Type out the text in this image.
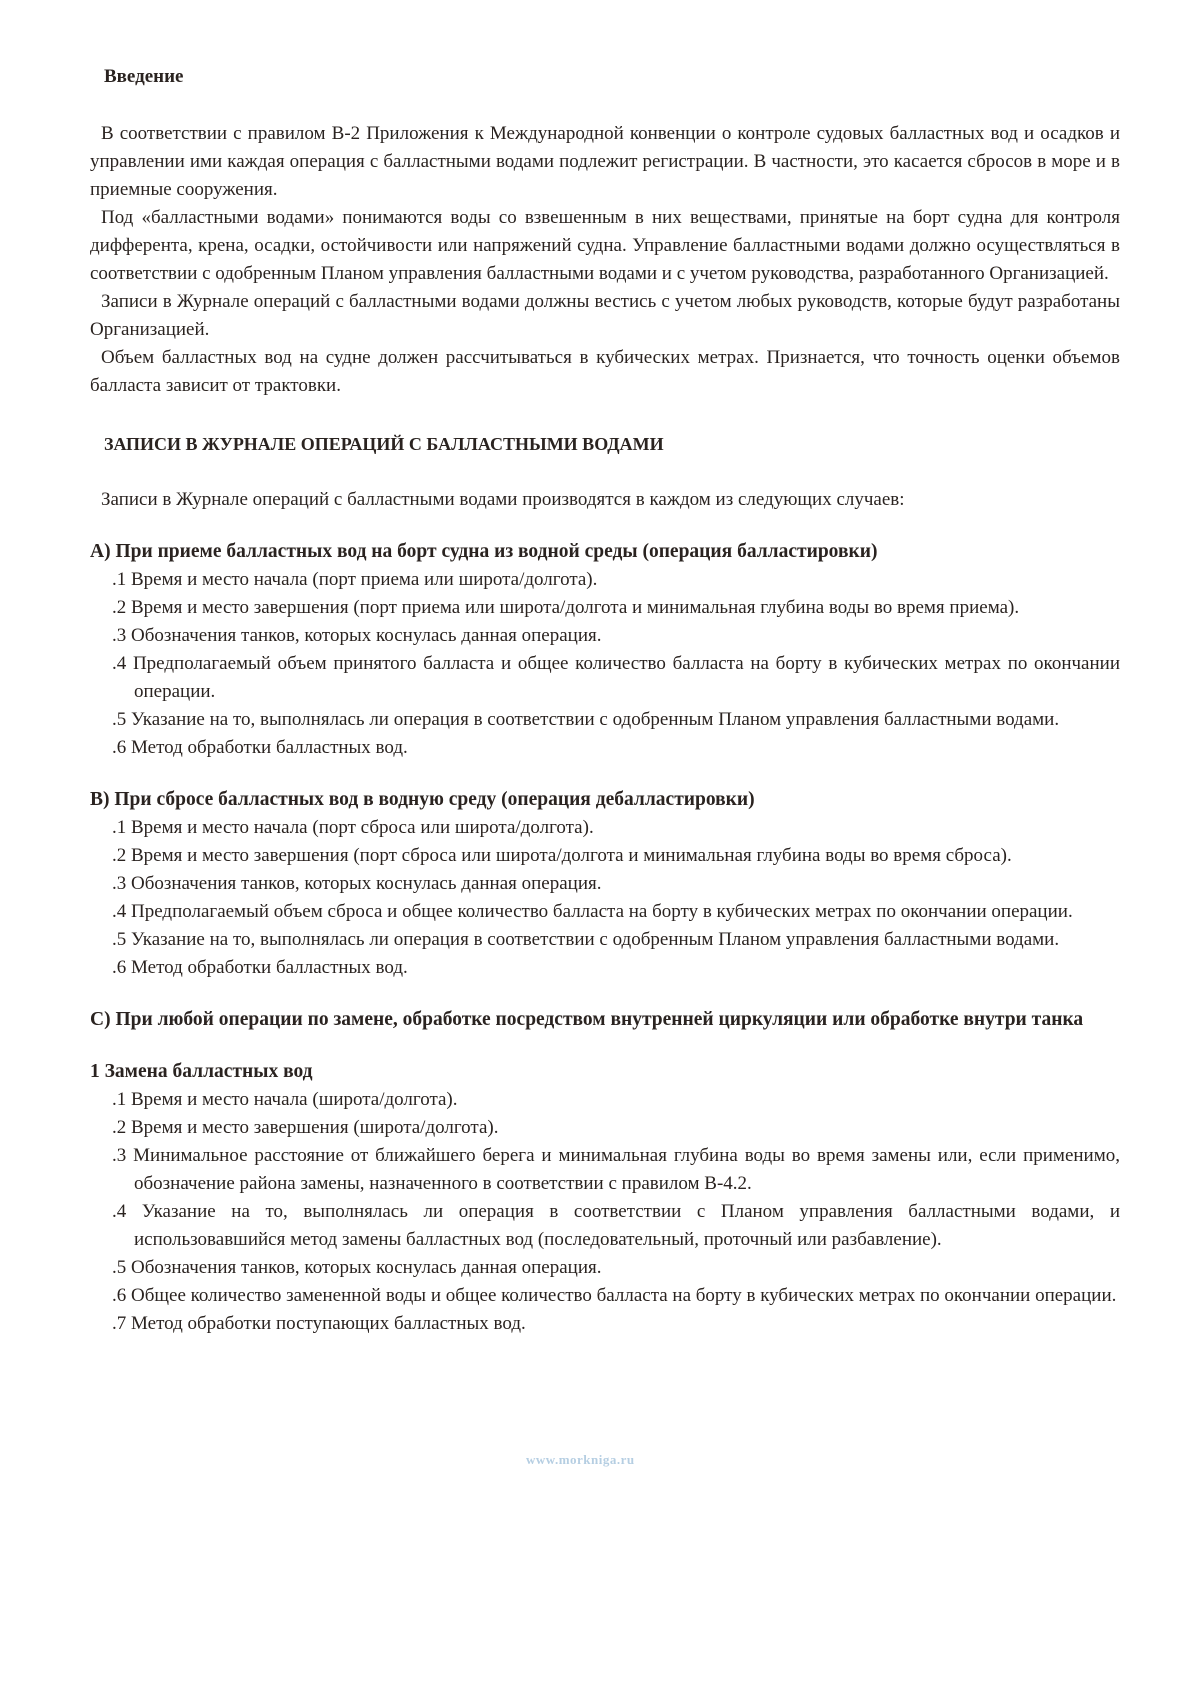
Введение

В соответствии с правилом В-2 Приложения к Международной конвенции о контроле судовых балластных вод и осадков и управлении ими каждая операция с балластными водами подлежит регистрации. В частности, это касается сбросов в море и в приемные сооружения.

Под «балластными водами» понимаются воды со взвешенным в них веществами, принятые на борт судна для контроля дифферента, крена, осадки, остойчивости или напряжений судна. Управление балластными водами должно осуществляться в соответствии с одобренным Планом управления балластными водами и с учетом руководства, разработанного Организацией.

Записи в Журнале операций с балластными водами должны вестись с учетом любых руководств, которые будут разработаны Организацией.

Объем балластных вод на судне должен рассчитываться в кубических метрах. Признается, что точность оценки объемов балласта зависит от трактовки.

ЗАПИСИ В ЖУРНАЛЕ ОПЕРАЦИЙ С БАЛЛАСТНЫМИ ВОДАМИ

Записи в Журнале операций с балластными водами производятся в каждом из следующих случаев:

А) При приеме балластных вод на борт судна из водной среды (операция балластировки)
.1 Время и место начала (порт приема или широта/долгота).
.2 Время и место завершения (порт приема или широта/долгота и минимальная глубина воды во время приема).
.3 Обозначения танков, которых коснулась данная операция.
.4 Предполагаемый объем принятого балласта и общее количество балласта на борту в кубических метрах по окончании операции.
.5 Указание на то, выполнялась ли операция в соответствии с одобренным Планом управления балластными водами.
.6 Метод обработки балластных вод.
В) При сбросе балластных вод в водную среду (операция дебалластировки)
.1 Время и место начала (порт сброса или широта/долгота).
.2 Время и место завершения (порт сброса или широта/долгота и минимальная глубина воды во время сброса).
.3 Обозначения танков, которых коснулась данная операция.
.4 Предполагаемый объем сброса и общее количество балласта на борту в кубических метрах по окончании операции.
.5 Указание на то, выполнялась ли операция в соответствии с одобренным Планом управления балластными водами.
.6 Метод обработки балластных вод.
С) При любой операции по замене, обработке посредством внутренней циркуляции или обработке внутри танка
1 Замена балластных вод
.1 Время и место начала (широта/долгота).
.2 Время и место завершения (широта/долгота).
.3 Минимальное расстояние от ближайшего берега и минимальная глубина воды во время замены или, если применимо, обозначение района замены, назначенного в соответствии с правилом В-4.2.
.4 Указание на то, выполнялась ли операция в соответствии с Планом управления балластными водами, и использовавшийся метод замены балластных вод (последовательный, проточный или разбавление).
.5 Обозначения танков, которых коснулась данная операция.
.6 Общее количество замененной воды и общее количество балласта на борту в кубических метрах по окончании операции.
.7 Метод обработки поступающих балластных вод.
www.morkniga.ru
